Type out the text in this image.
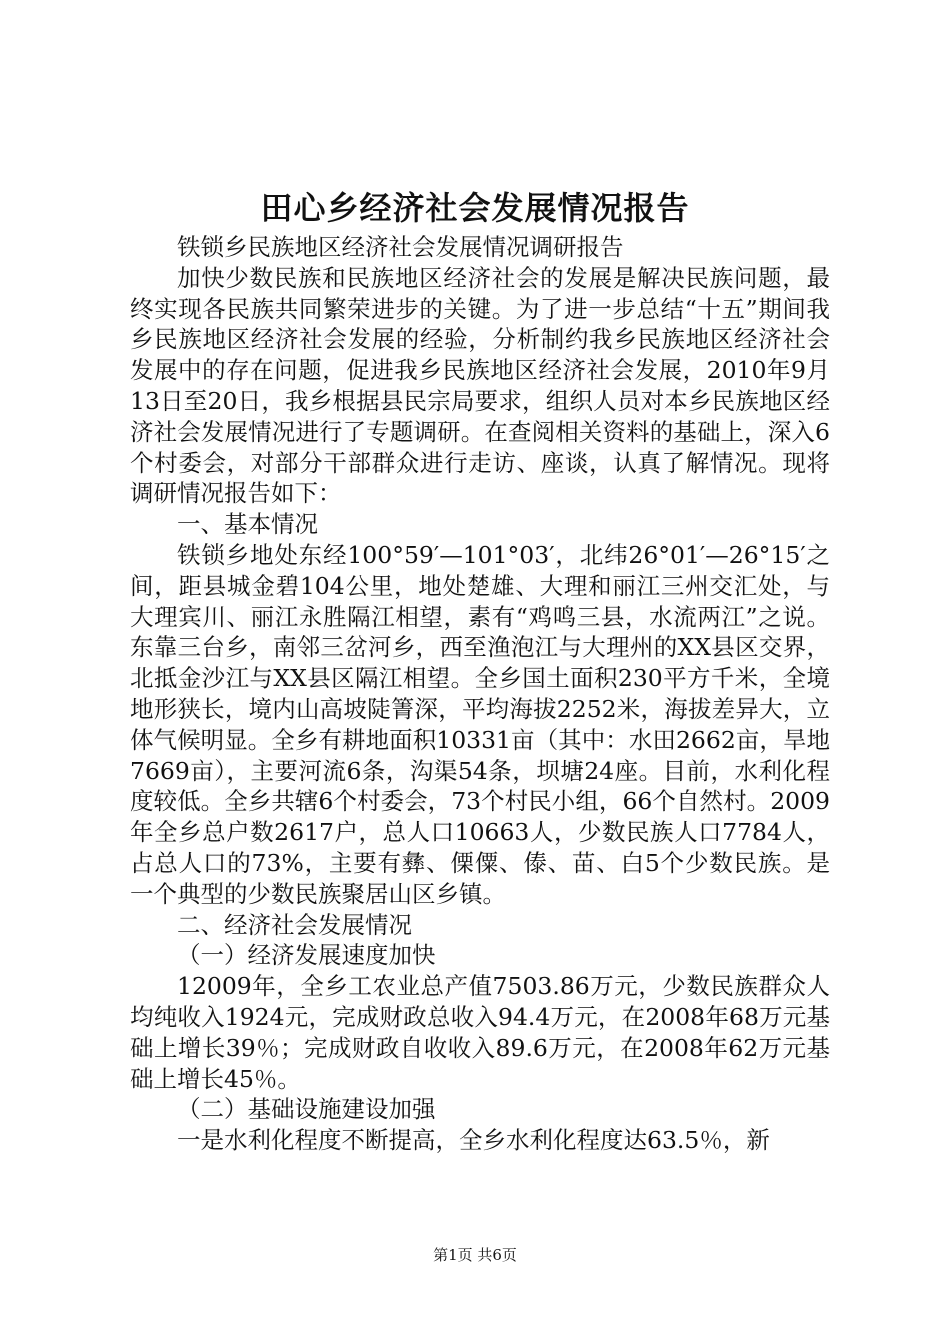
田心乡经济社会发展情况报告

铁锁乡民族地区经济社会发展情况调研报告

加快少数民族和民族地区经济社会的发展是解决民族问题，最终实现各民族共同繁荣进步的关键。为了进一步总结“十五”期间我乡民族地区经济社会发展的经验，分析制约我乡民族地区经济社会发展中的存在问题，促进我乡民族地区经济社会发展，2010年9月13日至20日，我乡根据县民宗局要求，组织人员对本乡民族地区经济社会发展情况进行了专题调研。在查阅相关资料的基础上，深入6个村委会，对部分干部群众进行走访、座谈，认真了解情况。现将调研情况报告如下：

一、基本情况

铁锁乡地处东经100°59′—101°03′，北纬26°01′—26°15′之间，距县城金碧104公里，地处楚雄、大理和丽江三州交汇处，与大理宾川、丽江永胜隔江相望，素有“鸡鸣三县，水流两江”之说。东靠三台乡，南邻三岔河乡，西至渔泡江与大理州的XX县区交界，北抵金沙江与XX县区隔江相望。全乡国土面积230平方千米，全境地形狭长，境内山高坡陡箐深，平均海拔2252米，海拔差异大，立体气候明显。全乡有耕地面积10331亩（其中：水田2662亩，旱地7669亩），主要河流6条，沟渠54条，坝塘24座。目前，水利化程度较低。全乡共辖6个村委会，73个村民小组，66个自然村。2009年全乡总户数2617户，总人口10663人，少数民族人口7784人，占总人口的73%，主要有彝、傈僳、傣、苗、白5个少数民族。是一个典型的少数民族聚居山区乡镇。

二、经济社会发展情况

（一）经济发展速度加快

12009年，全乡工农业总产值7503.86万元，少数民族群众人均纯收入1924元，完成财政总收入94.4万元，在2008年68万元基础上增长39％；完成财政自收收入89.6万元，在2008年62万元基础上增长45％。

（二）基础设施建设加强

一是水利化程度不断提高，全乡水利化程度达63.5％，新

第1页 共6页
